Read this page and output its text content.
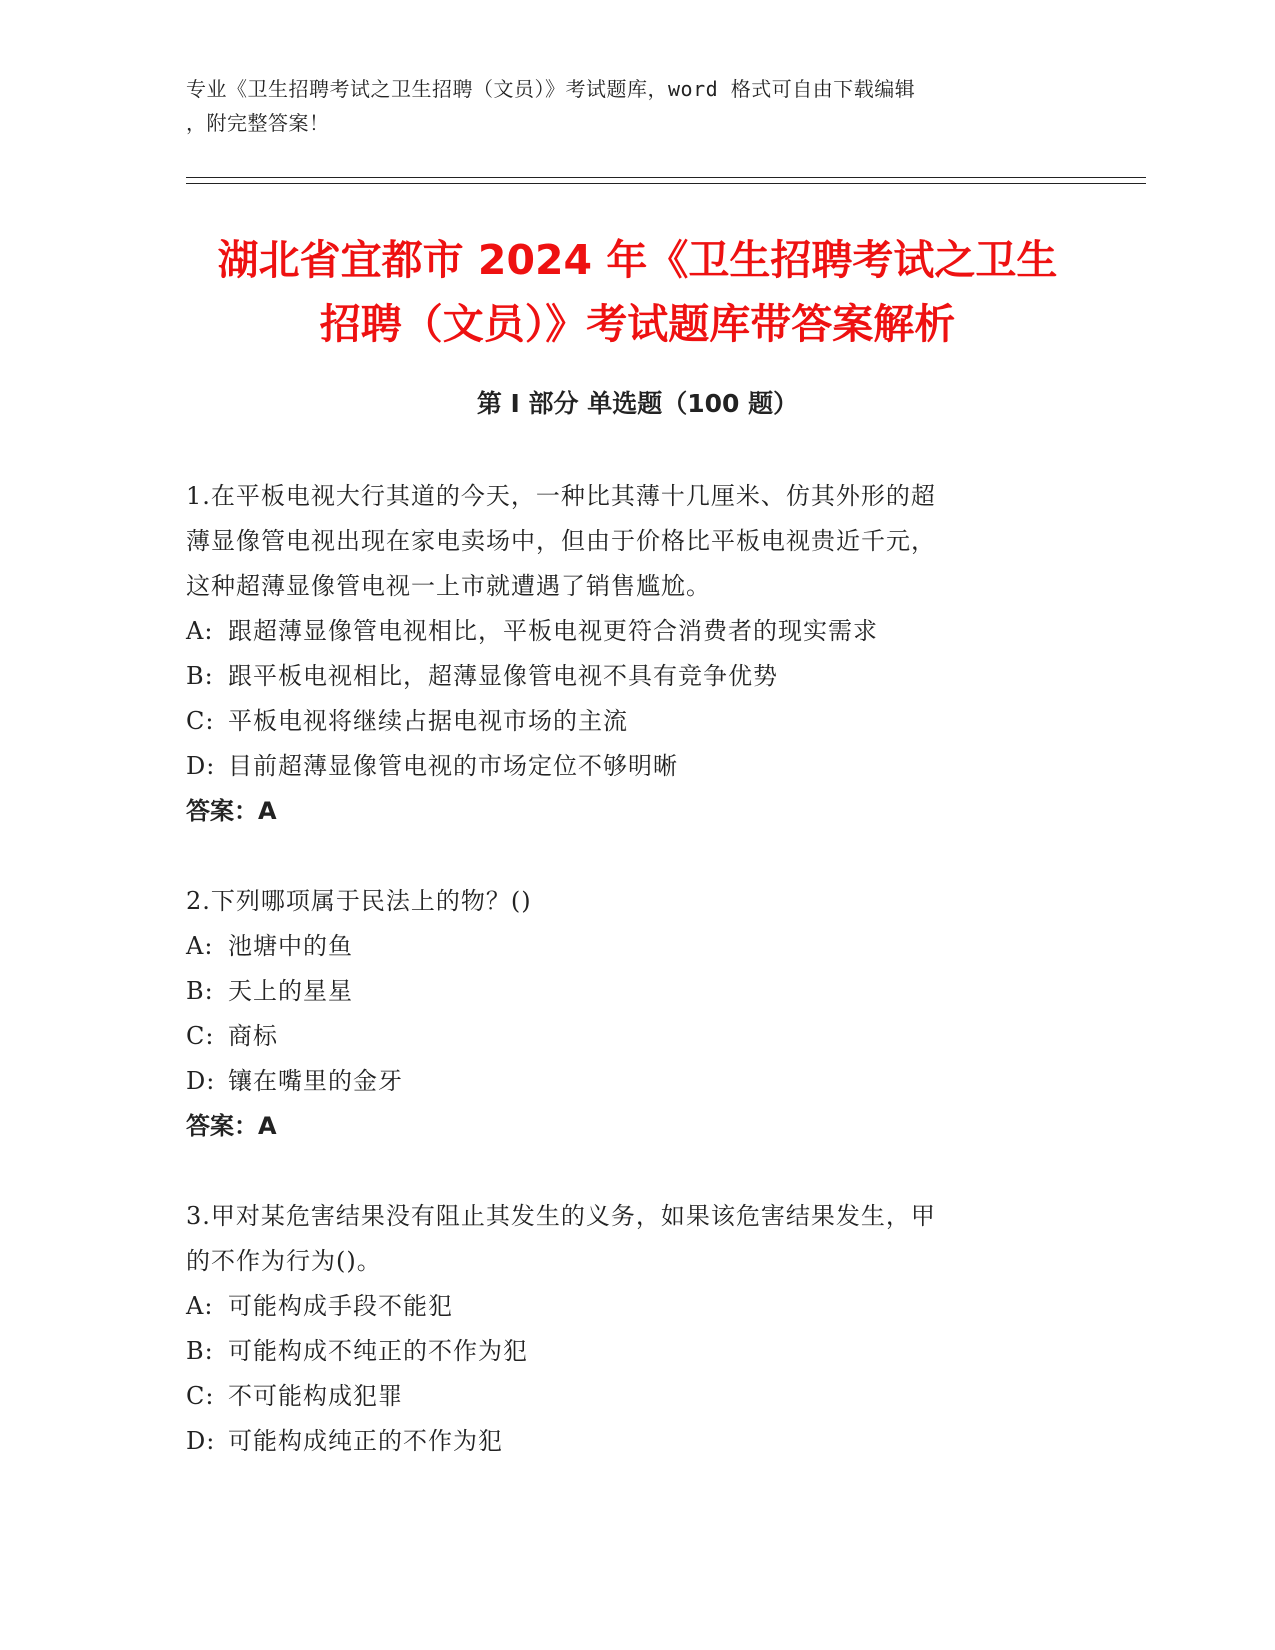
专业《卫生招聘考试之卫生招聘（文员）》考试题库，word 格式可自由下载编辑
，附完整答案！
湖北省宜都市 2024 年《卫生招聘考试之卫生
招聘（文员）》考试题库带答案解析
第 I 部分 单选题（100 题）

1.在平板电视大行其道的今天，一种比其薄十几厘米、仿其外形的超

薄显像管电视出现在家电卖场中，但由于价格比平板电视贵近千元，

这种超薄显像管电视一上市就遭遇了销售尴尬。

A: 跟超薄显像管电视相比，平板电视更符合消费者的现实需求

B: 跟平板电视相比，超薄显像管电视不具有竞争优势

C: 平板电视将继续占据电视市场的主流

D: 目前超薄显像管电视的市场定位不够明晰

答案：A

2.下列哪项属于民法上的物？()

A: 池塘中的鱼

B: 天上的星星

C: 商标

D: 镶在嘴里的金牙

答案：A

3.甲对某危害结果没有阻止其发生的义务，如果该危害结果发生，甲

的不作为行为()。

A: 可能构成手段不能犯

B: 可能构成不纯正的不作为犯

C: 不可能构成犯罪

D: 可能构成纯正的不作为犯
